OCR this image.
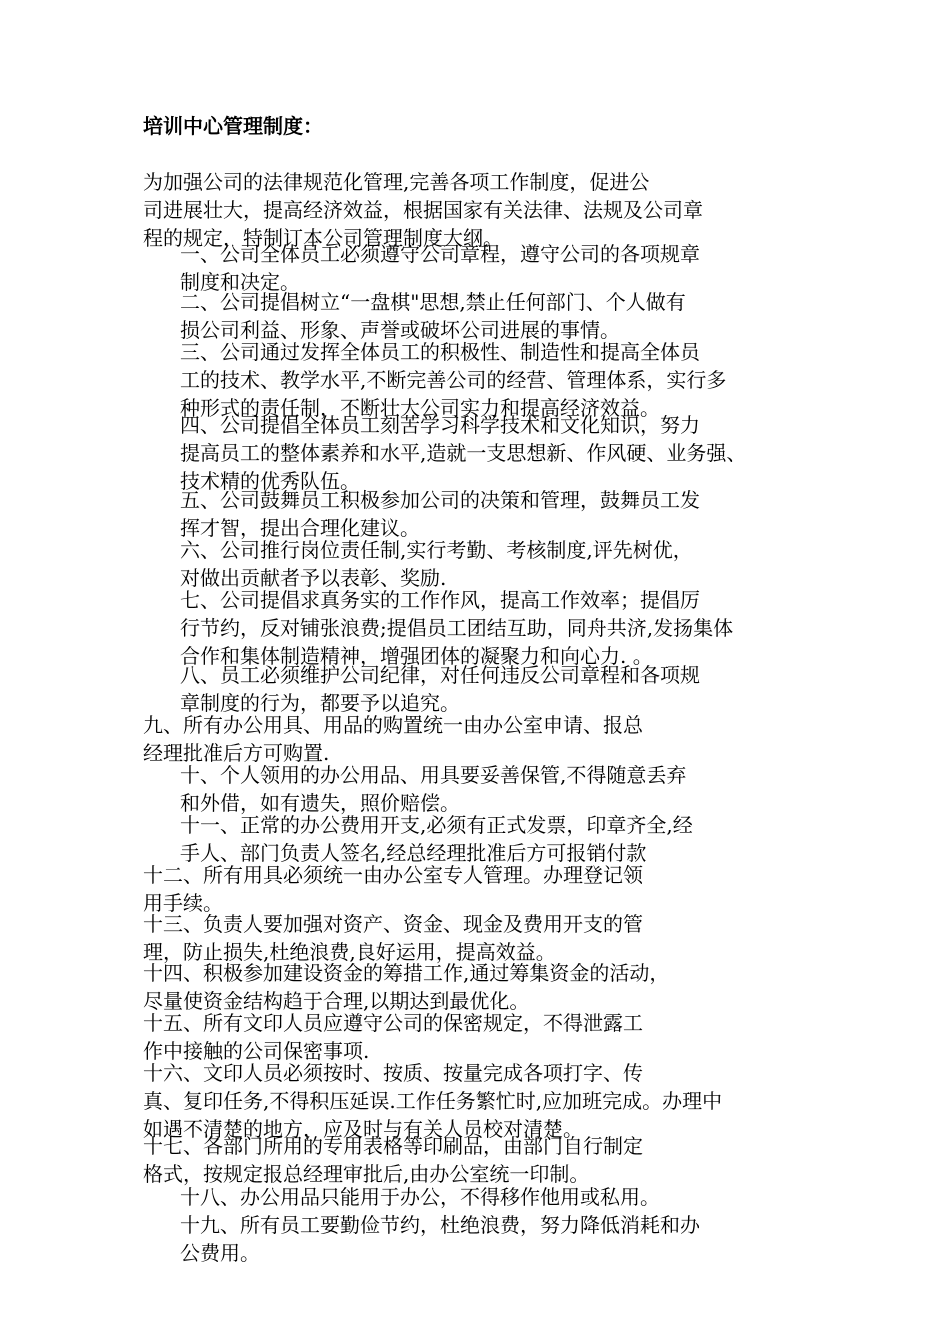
培训中心管理制度：

为加强公司的法律规范化管理,完善各项工作制度，促进公
司进展壮大，提高经济效益，根据国家有关法律、法规及公司章
程的规定，特制订本公司管理制度大纲。

一、公司全体员工必须遵守公司章程，遵守公司的各项规章
制度和决定。

二、公司提倡树立“一盘棋"思想,禁止任何部门、个人做有
损公司利益、形象、声誉或破坏公司进展的事情。

三、公司通过发挥全体员工的积极性、制造性和提高全体员
工的技术、教学水平,不断完善公司的经营、管理体系，实行多
种形式的责任制，不断壮大公司实力和提高经济效益。

四、公司提倡全体员工刻苦学习科学技术和文化知识，努力
提高员工的整体素养和水平,造就一支思想新、作风硬、业务强、
技术精的优秀队伍。

五、公司鼓舞员工积极参加公司的决策和管理，鼓舞员工发
挥才智，提出合理化建议。

六、公司推行岗位责任制,实行考勤、考核制度,评先树优，
对做出贡献者予以表彰、奖励.

七、公司提倡求真务实的工作作风，提高工作效率；提倡厉
行节约，反对铺张浪费;提倡员工团结互助，同舟共济,发扬集体
合作和集体制造精神，增强团体的凝聚力和向心力. 。

八、员工必须维护公司纪律，对任何违反公司章程和各项规
章制度的行为，都要予以追究。

九、所有办公用具、用品的购置统一由办公室申请、报总
经理批准后方可购置.

十、个人领用的办公用品、用具要妥善保管,不得随意丢弃
和外借，如有遗失，照价赔偿。

十一、正常的办公费用开支,必须有正式发票，印章齐全,经
手人、部门负责人签名,经总经理批准后方可报销付款

十二、所有用具必须统一由办公室专人管理。办理登记领
用手续。

十三、负责人要加强对资产、资金、现金及费用开支的管
理，防止损失,杜绝浪费,良好运用，提高效益。

十四、积极参加建设资金的筹措工作,通过筹集资金的活动，
尽量使资金结构趋于合理,以期达到最优化。

十五、所有文印人员应遵守公司的保密规定，不得泄露工
作中接触的公司保密事项.

十六、文印人员必须按时、按质、按量完成各项打字、传
真、复印任务,不得积压延误.工作任务繁忙时,应加班完成。办理中
如遇不清楚的地方，应及时与有关人员校对清楚。

十七、各部门所用的专用表格等印刷品，由部门自行制定
格式，按规定报总经理审批后,由办公室统一印制。

十八、办公用品只能用于办公，不得移作他用或私用。

十九、所有员工要勤俭节约，杜绝浪费，努力降低消耗和办
公费用。
